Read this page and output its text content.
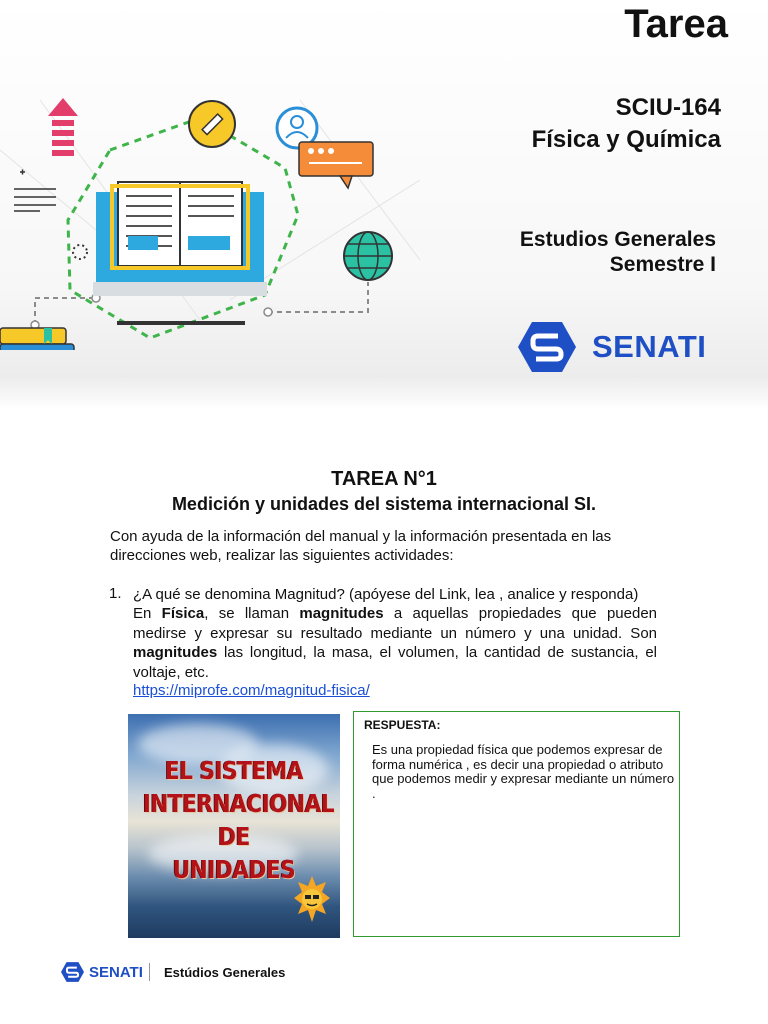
Tarea
SCIU-164
Física y Química
Estudios Generales
Semestre I
SENATI
TAREA N°1
Medición y unidades del sistema internacional SI.
Con ayuda de la información del manual y la información presentada en las direcciones web, realizar las siguientes actividades:
1. ¿A qué se denomina Magnitud? (apóyese del Link, lea , analice y responda)
En Física, se llaman magnitudes a aquellas propiedades que pueden medirse y expresar su resultado mediante un número y una unidad. Son magnitudes las longitud, la masa, el volumen, la cantidad de sustancia, el voltaje, etc.
https://miprofe.com/magnitud-fisica/
EL SISTEMA
INTERNACIONAL
DE
UNIDADES
RESPUESTA:
Es una propiedad física que podemos expresar de forma numérica , es decir una propiedad o atributo que podemos medir y expresar mediante un número .
SENATI Estúdios Generales
